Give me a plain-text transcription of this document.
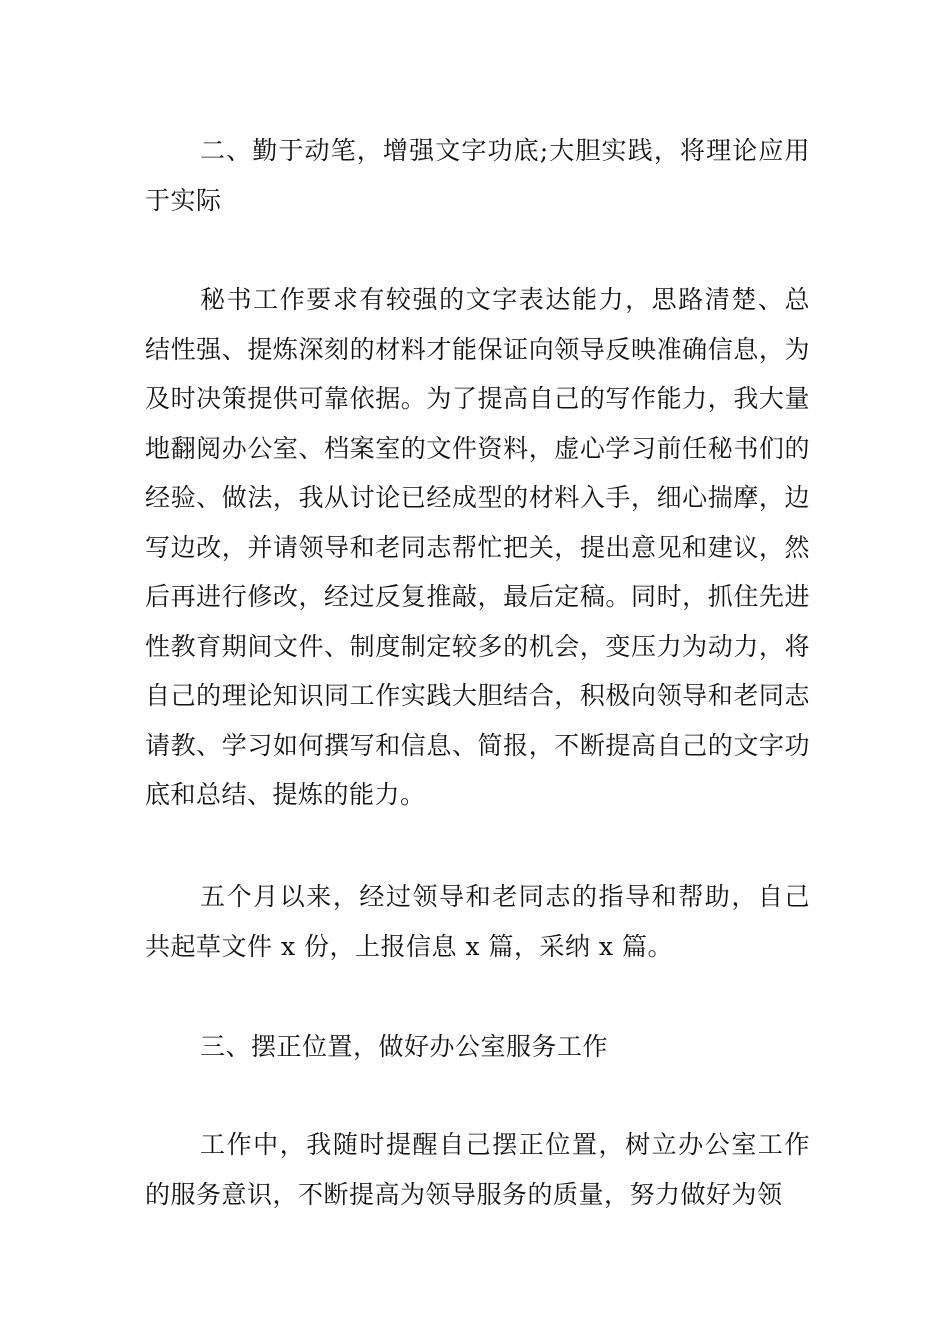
二、勤于动笔，增强文字功底;大胆实践，将理论应用于实际

秘书工作要求有较强的文字表达能力，思路清楚、总结性强、提炼深刻的材料才能保证向领导反映准确信息，为及时决策提供可靠依据。为了提高自己的写作能力，我大量地翻阅办公室、档案室的文件资料，虚心学习前任秘书们的经验、做法，我从讨论已经成型的材料入手，细心揣摩，边写边改，并请领导和老同志帮忙把关，提出意见和建议，然后再进行修改，经过反复推敲，最后定稿。同时，抓住先进性教育期间文件、制度制定较多的机会，变压力为动力，将自己的理论知识同工作实践大胆结合，积极向领导和老同志请教、学习如何撰写和信息、简报，不断提高自己的文字功底和总结、提炼的能力。

五个月以来，经过领导和老同志的指导和帮助，自己共起草文件 x 份，上报信息 x 篇，采纳 x 篇。

三、摆正位置，做好办公室服务工作

工作中，我随时提醒自己摆正位置，树立办公室工作的服务意识，不断提高为领导服务的质量，努力做好为领
